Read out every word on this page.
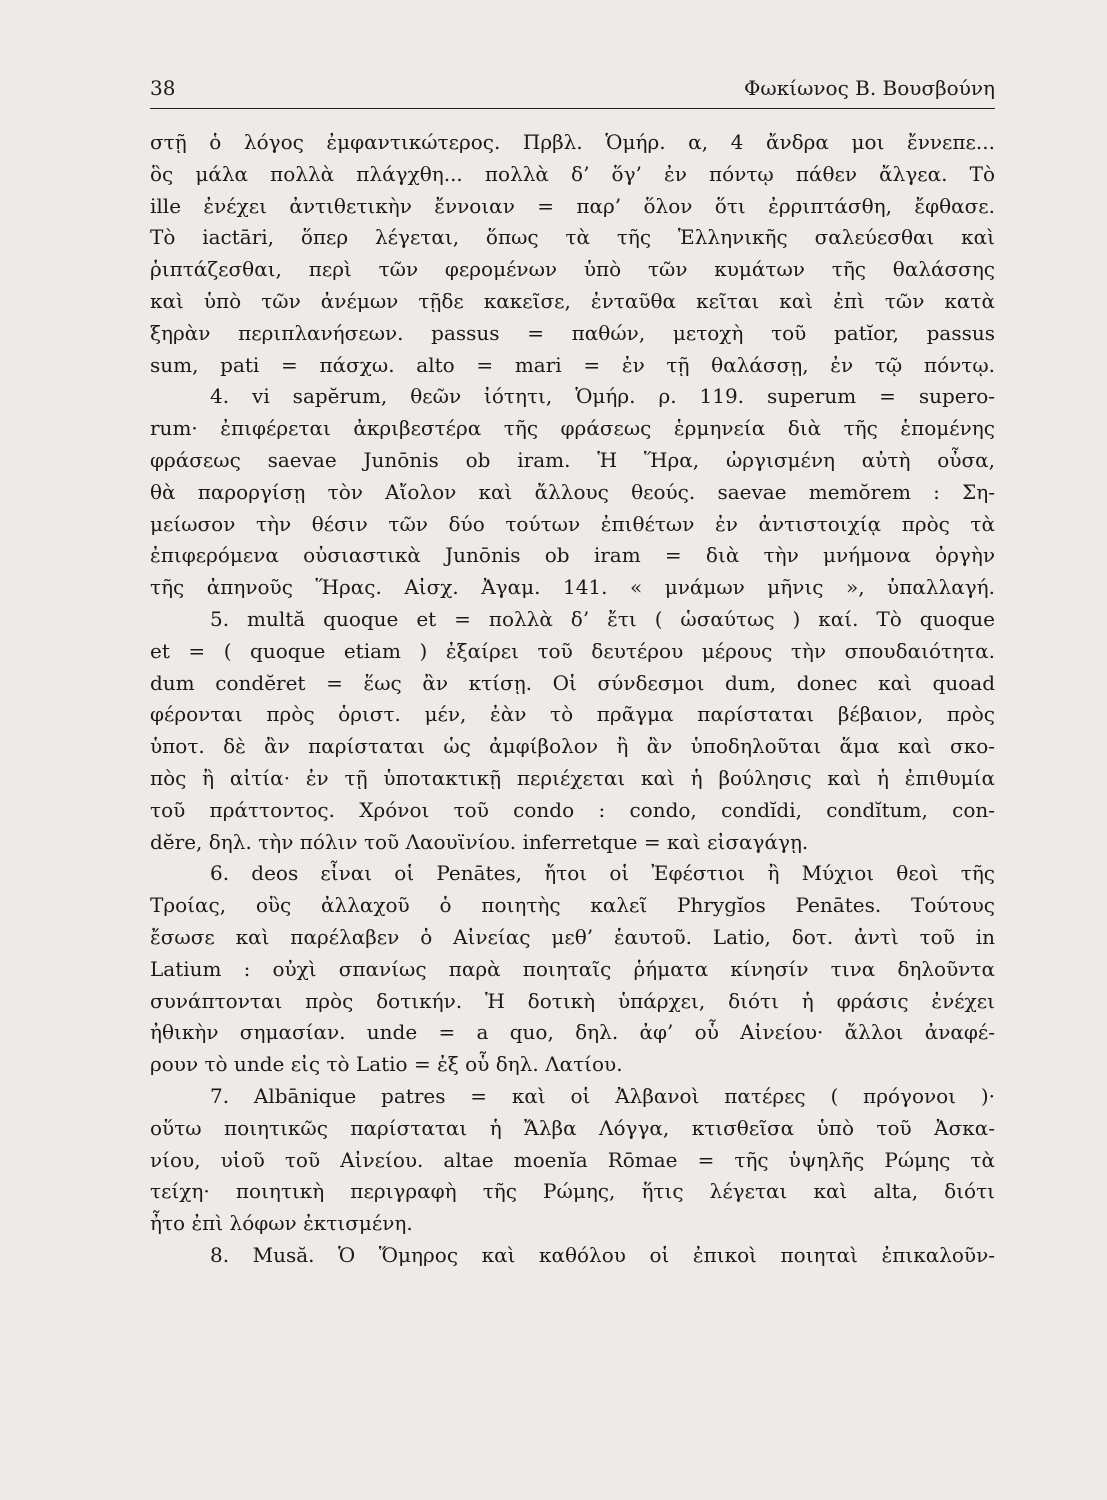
38	Φωκίωνος Β. Βουσβούνη
στῇ ὁ λόγος ἐμφαντικώτερος. Πρβλ. Ὁμήρ. α, 4 ἄνδρα μοι ἔννεπε...
ὃς μάλα πολλὰ πλάγχθη... πολλὰ δ’ ὅγ’ ἐν πόντῳ πάθεν ἄλγεα. Τὸ
ille ἐνέχει ἀντιθετικὴν ἔννοιαν = παρ’ ὅλον ὅτι ἐρριπτάσθη, ἔφθασε.
Τὸ iactāri, ὅπερ λέγεται, ὅπως τὰ τῆς Ἑλληνικῆς σαλεύεσθαι καὶ
ῥιπτάζεσθαι, περὶ τῶν φερομένων ὑπὸ τῶν κυμάτων τῆς θαλάσσης
καὶ ὑπὸ τῶν ἀνέμων τῇδε κακεῖσε, ἐνταῦθα κεῖται καὶ ἐπὶ τῶν κατὰ
ξηρὰν περιπλανήσεων. passus = παθών, μετοχὴ τοῦ patĭor, passus
sum, pati = πάσχω. alto = mari = ἐν τῇ θαλάσσῃ, ἐν τῷ πόντῳ.
4. vi sapĕrum, θεῶν ἰότητι, Ὁμήρ. ρ. 119. superum = supero-
rum· ἐπιφέρεται ἀκριβεστέρα τῆς φράσεως ἑρμηνεία διὰ τῆς ἑπομένης
φράσεως saevae Junōnis ob iram. Ἡ Ἥρα, ὠργισμένη αὐτὴ οὖσα,
θὰ παροργίσῃ τὸν Αἴολον καὶ ἄλλους θεούς. saevae memŏrem : Ση-
μείωσον τὴν θέσιν τῶν δύο τούτων ἐπιθέτων ἐν ἀντιστοιχίᾳ πρὸς τὰ
ἐπιφερόμενα οὐσιαστικὰ Junōnis ob iram = διὰ τὴν μνήμονα ὀργὴν
τῆς ἀπηνοῦς Ἥρας. Αἰσχ. Ἀγαμ. 141. « μνάμων μῆνις », ὑπαλλαγή.
5. multă quoque et = πολλὰ δ’ ἔτι ( ὡσαύτως ) καί. Τὸ quoque
et = ( quoque etiam ) ἐξαίρει τοῦ δευτέρου μέρους τὴν σπουδαιότητα.
dum condĕret = ἕως ἂν κτίσῃ. Οἱ σύνδεσμοι dum, donec καὶ quoad
φέρονται πρὸς ὁριστ. μέν, ἐὰν τὸ πρᾶγμα παρίσταται βέβαιον, πρὸς
ὑποτ. δὲ ἂν παρίσταται ὡς ἀμφίβολον ἢ ἂν ὑποδηλοῦται ἅμα καὶ σκο-
πὸς ἢ αἰτία· ἐν τῇ ὑποτακτικῇ περιέχεται καὶ ἡ βούλησις καὶ ἡ ἐπιθυμία
τοῦ πράττοντος. Χρόνοι τοῦ condo : condo, condĭdi, condĭtum, con-
dĕre, δηλ. τὴν πόλιν τοῦ Λαουϊνίου. inferretque = καὶ εἰσαγάγῃ.
6. deos εἶναι οἱ Penātes, ἤτοι οἱ Ἐφέστιοι ἢ Μύχιοι θεοὶ τῆς
Τροίας, οὓς ἀλλαχοῦ ὁ ποιητὴς καλεῖ Phrygĭos Penātes. Τούτους
ἔσωσε καὶ παρέλαβεν ὁ Αἰνείας μεθ’ ἑαυτοῦ. Latio, δοτ. ἀντὶ τοῦ in
Latium : οὐχὶ σπανίως παρὰ ποιηταῖς ῥήματα κίνησίν τινα δηλοῦντα
συνάπτονται πρὸς δοτικήν. Ἡ δοτικὴ ὑπάρχει, διότι ἡ φράσις ἐνέχει
ἠθικὴν σημασίαν. unde = a quo, δηλ. ἀφ’ οὗ Αἰνείου· ἄλλοι ἀναφέ-
ρουν τὸ unde εἰς τὸ Latio = ἐξ οὗ δηλ. Λατίου.
7. Albānique patres = καὶ οἱ Ἀλβανοὶ πατέρες ( πρόγονοι )·
οὕτω ποιητικῶς παρίσταται ἡ Ἄλβα Λόγγα, κτισθεῖσα ὑπὸ τοῦ Ἀσκα-
νίου, υἱοῦ τοῦ Αἰνείου. altae moenĭa Rōmae = τῆς ὑψηλῆς Ρώμης τὰ
τείχη· ποιητικὴ περιγραφὴ τῆς Ρώμης, ἥτις λέγεται καὶ alta, διότι
ἦτο ἐπὶ λόφων ἐκτισμένη.
8. Musă. Ὁ Ὅμηρος καὶ καθόλου οἱ ἐπικοὶ ποιηταὶ ἐπικαλοῦν-
